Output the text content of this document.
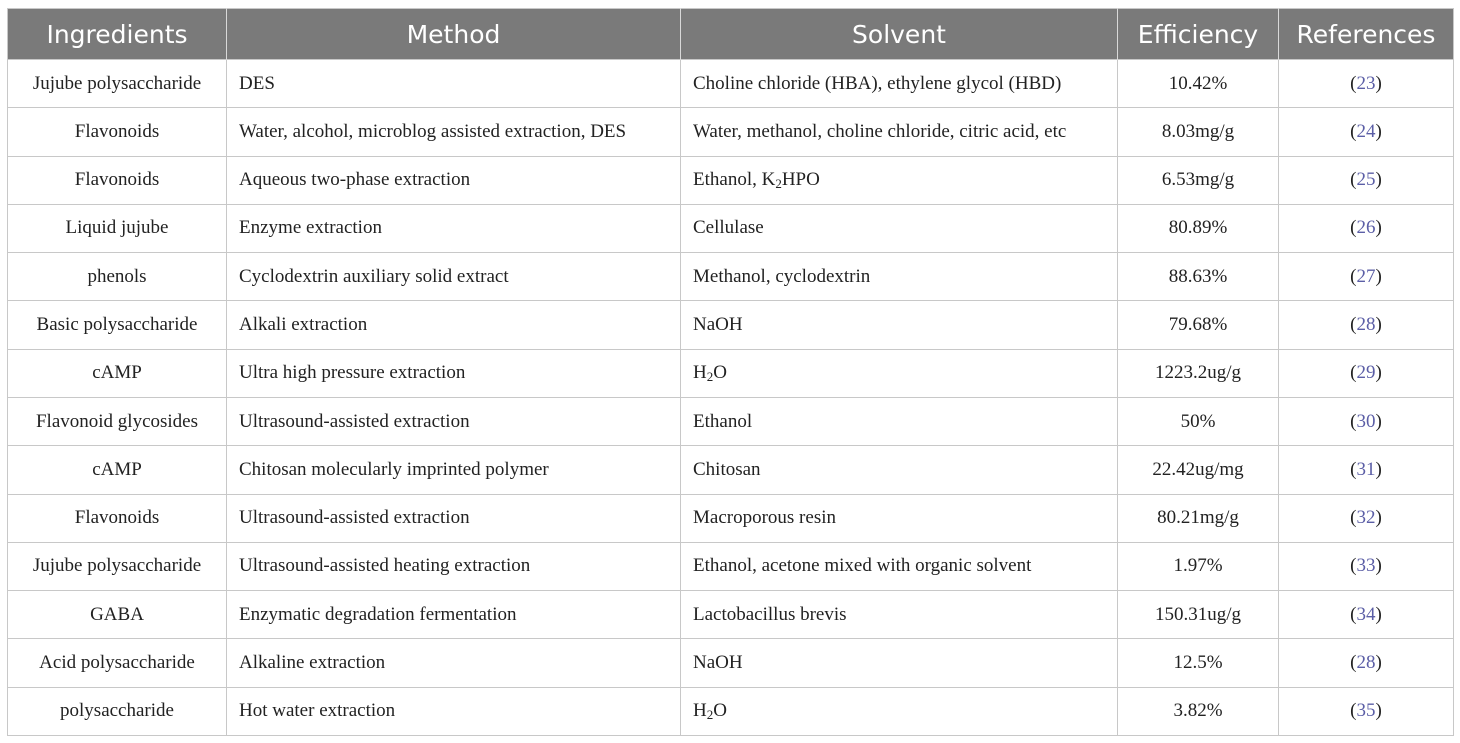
Ingredients	Method	Solvent	Efficiency	References
Jujube polysaccharide	DES	Choline chloride (HBA), ethylene glycol (HBD)	10.42%	(23)
Flavonoids	Water, alcohol, microblog assisted extraction, DES	Water, methanol, choline chloride, citric acid, etc	8.03mg/g	(24)
Flavonoids	Aqueous two-phase extraction	Ethanol, $K_2HPO$	6.53mg/g	(25)
Liquid jujube	Enzyme extraction	Cellulase	80.89%	(26)
phenols	Cyclodextrin auxiliary solid extract	Methanol, cyclodextrin	88.63%	(27)
Basic polysaccharide	Alkali extraction	NaOH	79.68%	(28)
cAMP	Ultra high pressure extraction	$H_2O$	1223.2ug/g	(29)
Flavonoid glycosides	Ultrasound-assisted extraction	Ethanol	50%	(30)
cAMP	Chitosan molecularly imprinted polymer	Chitosan	22.42ug/mg	(31)
Flavonoids	Ultrasound-assisted extraction	Macroporous resin	80.21mg/g	(32)
Jujube polysaccharide	Ultrasound-assisted heating extraction	Ethanol, acetone mixed with organic solvent	1.97%	(33)
GABA	Enzymatic degradation fermentation	Lactobacillus brevis	150.31ug/g	(34)
Acid polysaccharide	Alkaline extraction	NaOH	12.5%	(28)
polysaccharide	Hot water extraction	$H_2O$	3.82%	(35)
